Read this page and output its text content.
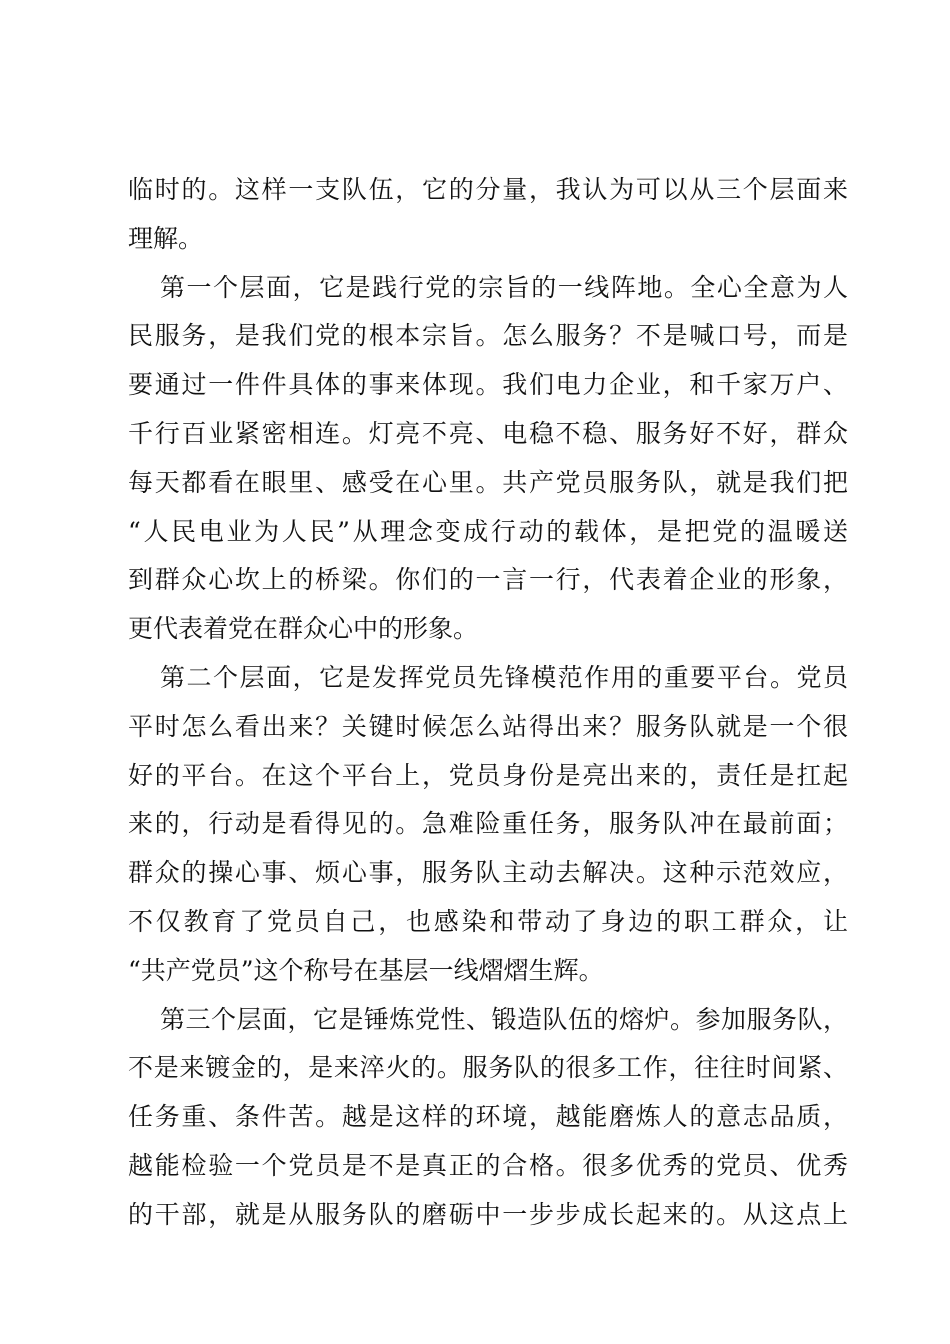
临时的。这样一支队伍，它的分量，我认为可以从三个层面来
理解。
第一个层面，它是践行党的宗旨的一线阵地。全心全意为人
民服务，是我们党的根本宗旨。怎么服务？不是喊口号，而是
要通过一件件具体的事来体现。我们电力企业，和千家万户、
千行百业紧密相连。灯亮不亮、电稳不稳、服务好不好，群众
每天都看在眼里、感受在心里。共产党员服务队，就是我们把
“人民电业为人民”从理念变成行动的载体，是把党的温暖送
到群众心坎上的桥梁。你们的一言一行，代表着企业的形象，
更代表着党在群众心中的形象。
第二个层面，它是发挥党员先锋模范作用的重要平台。党员
平时怎么看出来？关键时候怎么站得出来？服务队就是一个很
好的平台。在这个平台上，党员身份是亮出来的，责任是扛起
来的，行动是看得见的。急难险重任务，服务队冲在最前面；
群众的操心事、烦心事，服务队主动去解决。这种示范效应，
不仅教育了党员自己，也感染和带动了身边的职工群众，让
“共产党员”这个称号在基层一线熠熠生辉。
第三个层面，它是锤炼党性、锻造队伍的熔炉。参加服务队，
不是来镀金的，是来淬火的。服务队的很多工作，往往时间紧、
任务重、条件苦。越是这样的环境，越能磨炼人的意志品质，
越能检验一个党员是不是真正的合格。很多优秀的党员、优秀
的干部，就是从服务队的磨砺中一步步成长起来的。从这点上
